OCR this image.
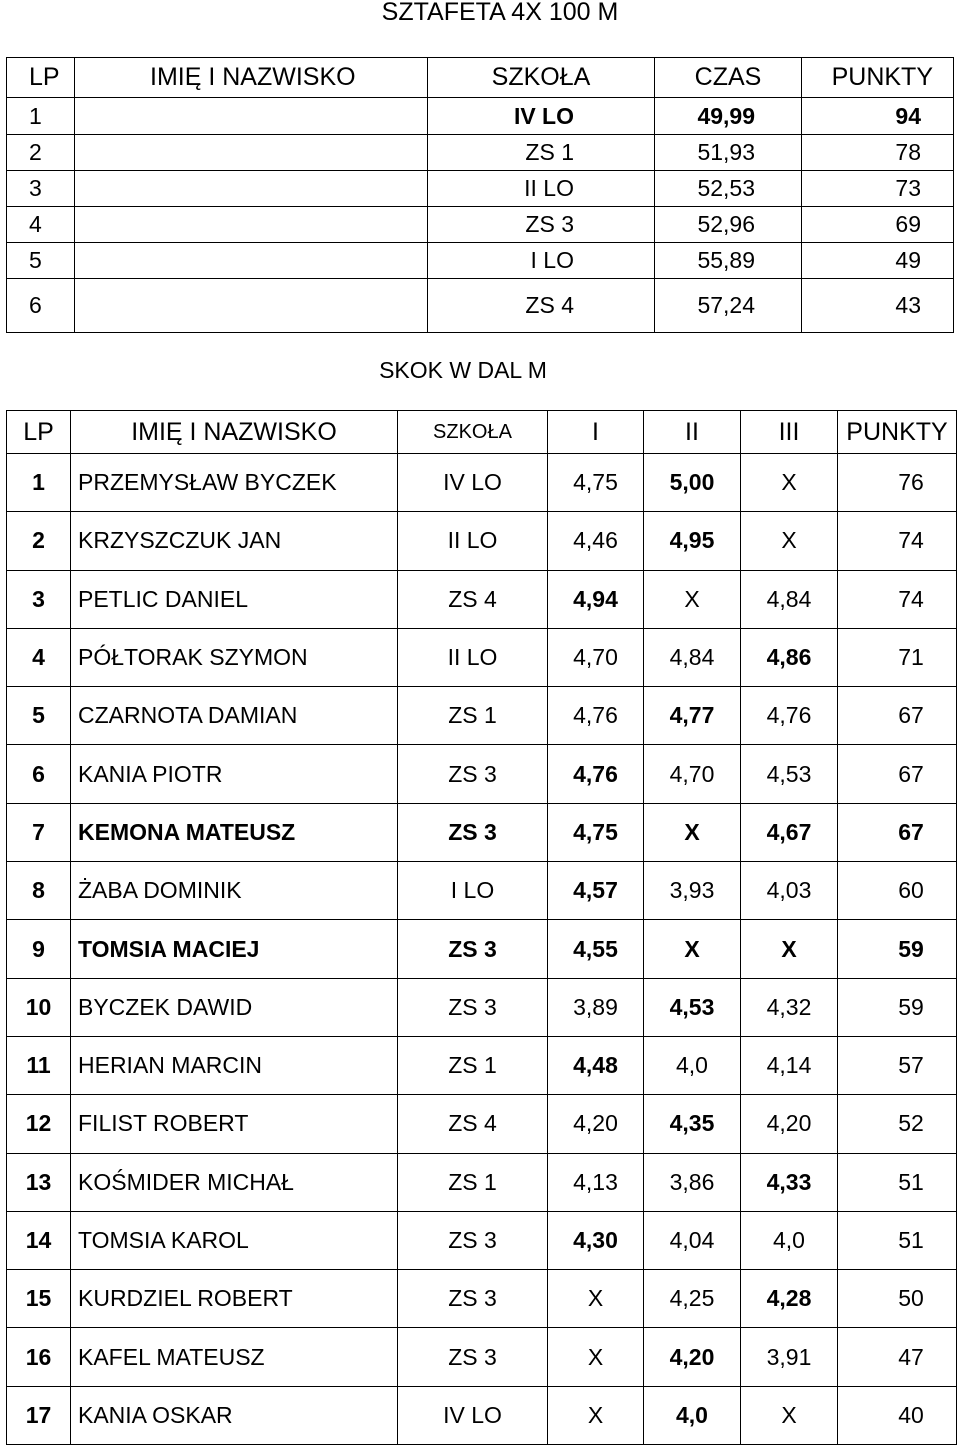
SZTAFETA 4X 100 M
LP	IMIĘ I NAZWISKO	SZKOŁA	CZAS	PUNKTY
1		IV LO	49,99	94
2		ZS 1	51,93	78
3		II LO	52,53	73
4		ZS 3	52,96	69
5		I LO	55,89	49
6		ZS 4	57,24	43
SKOK W DAL M
LP	IMIĘ I NAZWISKO	SZKOŁA	I	II	III	PUNKTY
1	PRZEMYSŁAW BYCZEK	IV LO	4,75	5,00	X	76
2	KRZYSZCZUK JAN	II LO	4,46	4,95	X	74
3	PETLIC DANIEL	ZS 4	4,94	X	4,84	74
4	PÓŁTORAK SZYMON	II LO	4,70	4,84	4,86	71
5	CZARNOTA DAMIAN	ZS 1	4,76	4,77	4,76	67
6	KANIA PIOTR	ZS 3	4,76	4,70	4,53	67
7	KEMONA MATEUSZ	ZS 3	4,75	X	4,67	67
8	ŻABA DOMINIK	I LO	4,57	3,93	4,03	60
9	TOMSIA MACIEJ	ZS 3	4,55	X	X	59
10	BYCZEK DAWID	ZS 3	3,89	4,53	4,32	59
11	HERIAN MARCIN	ZS 1	4,48	4,0	4,14	57
12	FILIST ROBERT	ZS 4	4,20	4,35	4,20	52
13	KOŚMIDER MICHAŁ	ZS 1	4,13	3,86	4,33	51
14	TOMSIA KAROL	ZS 3	4,30	4,04	4,0	51
15	KURDZIEL ROBERT	ZS 3	X	4,25	4,28	50
16	KAFEL MATEUSZ	ZS 3	X	4,20	3,91	47
17	KANIA OSKAR	IV LO	X	4,0	X	40
